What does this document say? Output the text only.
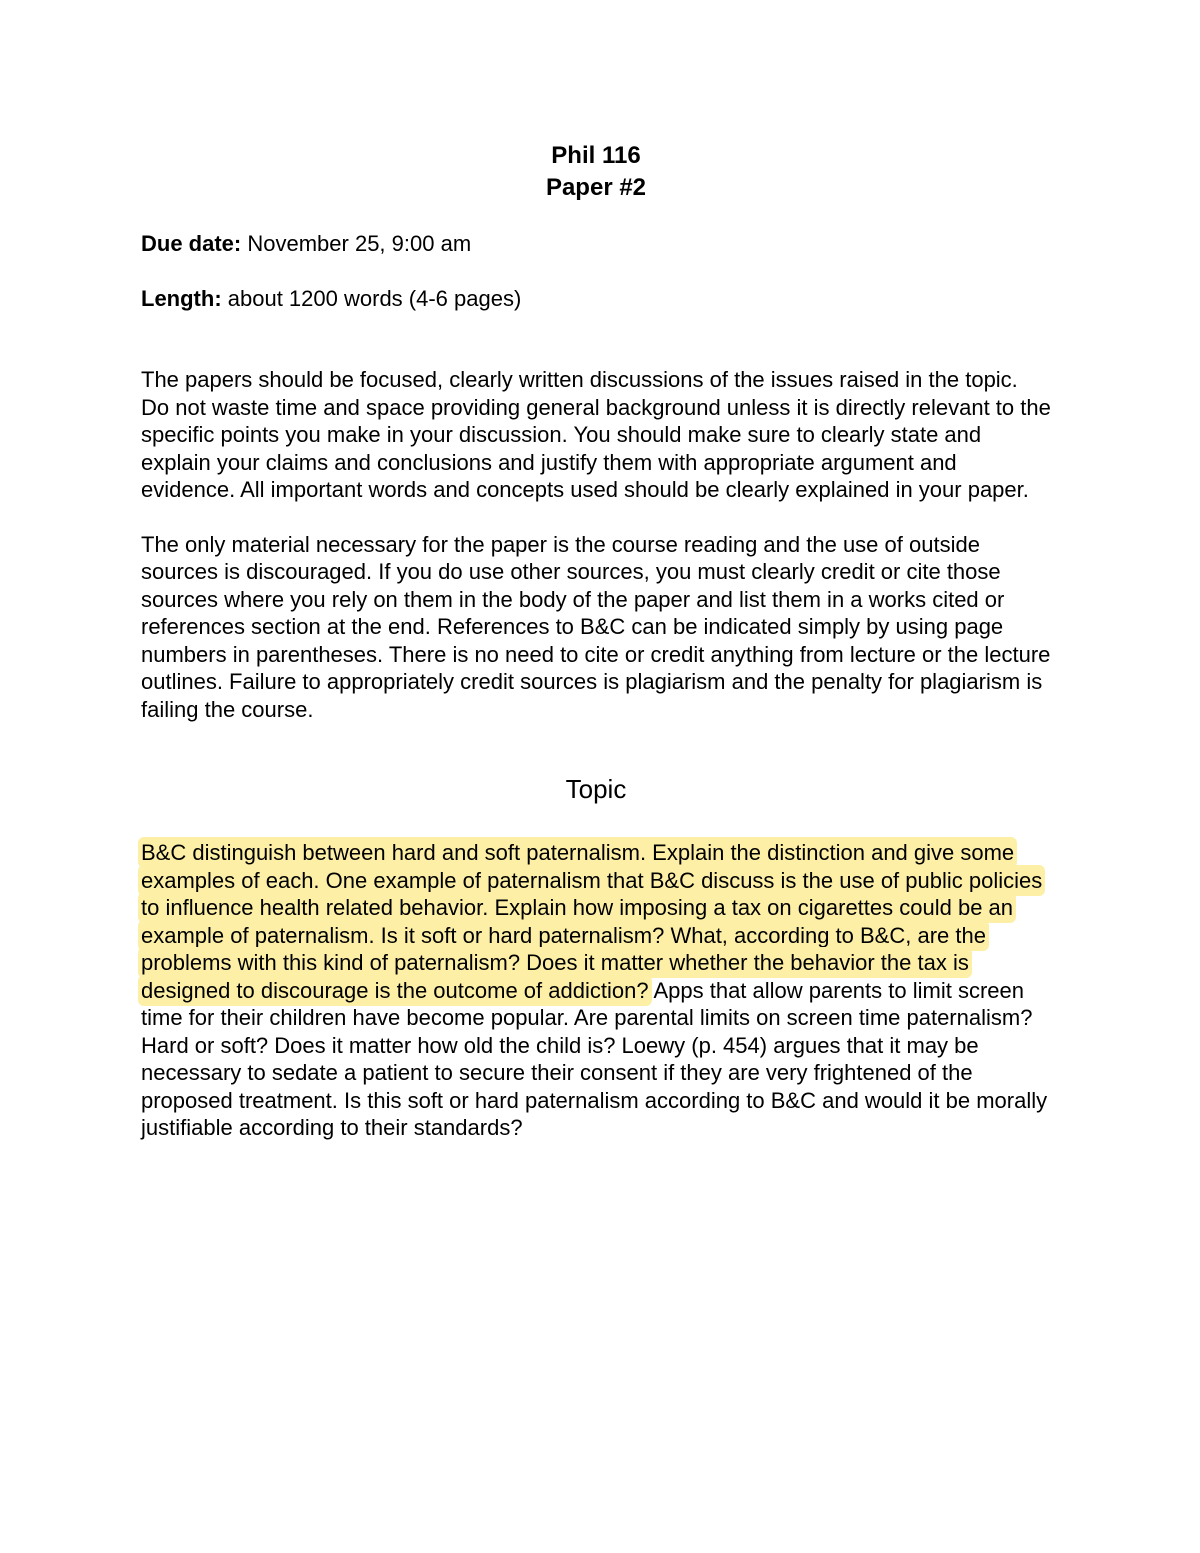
Phil 116
Paper #2

Due date: November 25, 9:00 am

Length: about 1200 words (4-6 pages)

The papers should be focused, clearly written discussions of the issues raised in the topic. Do not waste time and space providing general background unless it is directly relevant to the specific points you make in your discussion. You should make sure to clearly state and explain your claims and conclusions and justify them with appropriate argument and evidence. All important words and concepts used should be clearly explained in your paper.

The only material necessary for the paper is the course reading and the use of outside sources is discouraged. If you do use other sources, you must clearly credit or cite those sources where you rely on them in the body of the paper and list them in a works cited or references section at the end. References to B&C can be indicated simply by using page numbers in parentheses. There is no need to cite or credit anything from lecture or the lecture outlines. Failure to appropriately credit sources is plagiarism and the penalty for plagiarism is failing the course.

Topic

B&C distinguish between hard and soft paternalism. Explain the distinction and give some examples of each. One example of paternalism that B&C discuss is the use of public policies to influence health related behavior. Explain how imposing a tax on cigarettes could be an example of paternalism. Is it soft or hard paternalism? What, according to B&C, are the problems with this kind of paternalism? Does it matter whether the behavior the tax is designed to discourage is the outcome of addiction? Apps that allow parents to limit screen time for their children have become popular. Are parental limits on screen time paternalism? Hard or soft? Does it matter how old the child is? Loewy (p. 454) argues that it may be necessary to sedate a patient to secure their consent if they are very frightened of the proposed treatment. Is this soft or hard paternalism according to B&C and would it be morally justifiable according to their standards?
